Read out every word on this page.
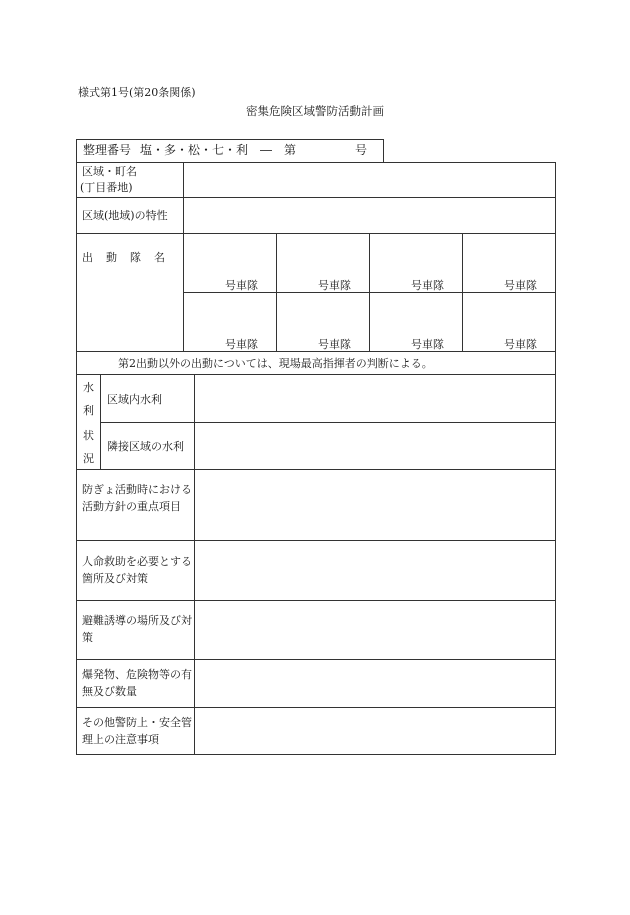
様式第1号(第20条関係)
密集危険区域警防活動計画
整理番号 塩・多・松・七・利　―　第	号
区域・町名
(丁目番地)
区域(地域)の特性
出 動 隊 名
号車隊	号車隊	号車隊	号車隊
号車隊	号車隊	号車隊	号車隊
第2出動以外の出動については、現場最高指揮者の判断による。
水
利
状
況
区域内水利
隣接区域の水利
防ぎょ活動時における活動方針の重点項目
人命救助を必要とする箇所及び対策
避難誘導の場所及び対策
爆発物、危険物等の有無及び数量
その他警防上・安全管理上の注意事項
